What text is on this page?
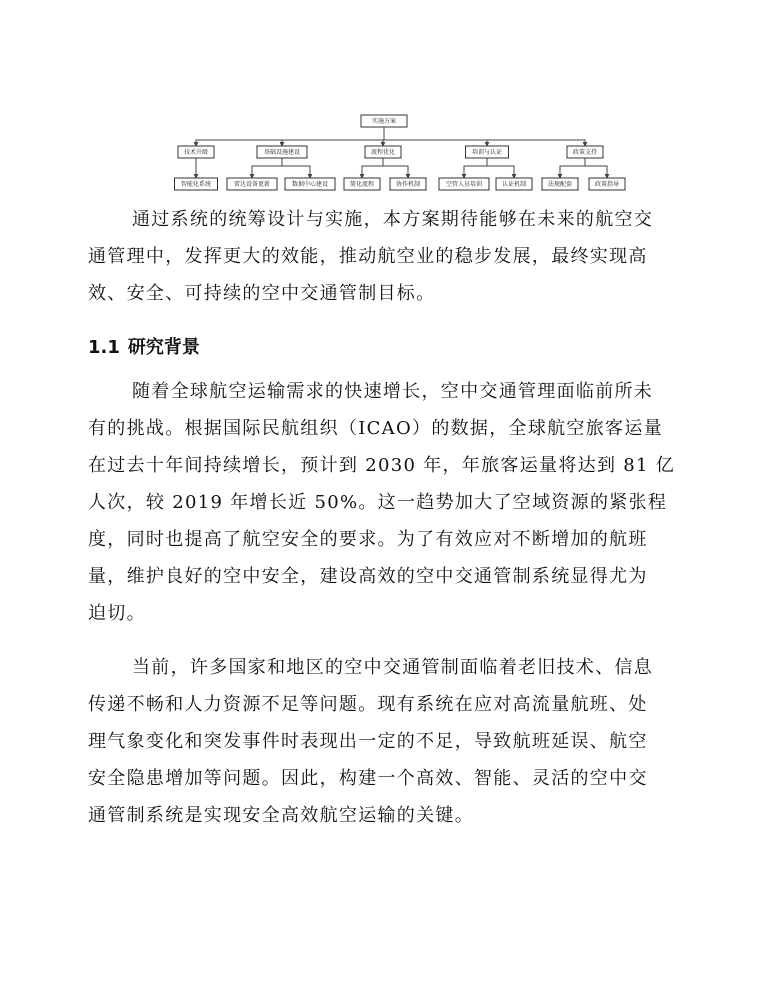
实施方案
技术升级
智能化系统
基础设施建设
雷达设备更新	数据中心建设
流程优化
简化流程	协作机制
培训与认证
空管人员培训	认证机制
政策支持
法规配套	政策指导

通过系统的统筹设计与实施，本方案期待能够在未来的航空交
通管理中，发挥更大的效能，推动航空业的稳步发展，最终实现高
效、安全、可持续的空中交通管制目标。

1.1 研究背景

随着全球航空运输需求的快速增长，空中交通管理面临前所未
有的挑战。根据国际民航组织（ICAO）的数据，全球航空旅客运量
在过去十年间持续增长，预计到 2030 年，年旅客运量将达到 81 亿
人次，较 2019 年增长近 50%。这一趋势加大了空域资源的紧张程
度，同时也提高了航空安全的要求。为了有效应对不断增加的航班
量，维护良好的空中安全，建设高效的空中交通管制系统显得尤为
迫切。

当前，许多国家和地区的空中交通管制面临着老旧技术、信息
传递不畅和人力资源不足等问题。现有系统在应对高流量航班、处
理气象变化和突发事件时表现出一定的不足，导致航班延误、航空
安全隐患增加等问题。因此，构建一个高效、智能、灵活的空中交
通管制系统是实现安全高效航空运输的关键。
